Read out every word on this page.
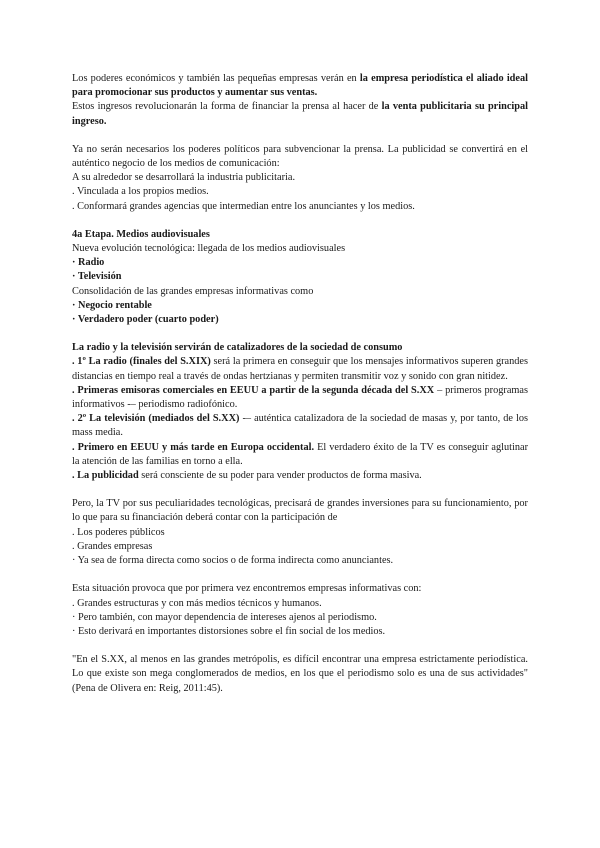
Los poderes económicos y también las pequeñas empresas verán en la empresa periodística el aliado ideal para promocionar sus productos y aumentar sus ventas.

Estos ingresos revolucionarán la forma de financiar la prensa al hacer de la venta publicitaria su principal ingreso.

Ya no serán necesarios los poderes políticos para subvencionar la prensa. La publicidad se convertirá en el auténtico negocio de los medios de comunicación:

A su alrededor se desarrollará la industria publicitaria.

. Vinculada a los propios medios.

. Conformará grandes agencias que intermedian entre los anunciantes y los medios.

4a Etapa. Medios audiovisuales

Nueva evolución tecnológica: llegada de los medios audiovisuales

· Radio

· Televisión

Consolidación de las grandes empresas informativas como

· Negocio rentable

· Verdadero poder (cuarto poder)

La radio y la televisión servirán de catalizadores de la sociedad de consumo

. 1º La radio (finales del S.XIX) será la primera en conseguir que los mensajes informativos superen grandes distancias en tiempo real a través de ondas hertzianas y permiten transmitir voz y sonido con gran nitidez.

. Primeras emisoras comerciales en EEUU a partir de la segunda década del S.XX – primeros programas informativos -– periodismo radiofónico.

. 2º La televisión (mediados del S.XX) -– auténtica catalizadora de la sociedad de masas y, por tanto, de los mass media.

. Primero en EEUU y más tarde en Europa occidental. El verdadero éxito de la TV es conseguir aglutinar la atención de las familias en torno a ella.

. La publicidad será consciente de su poder para vender productos de forma masiva.

Pero, la TV por sus peculiaridades tecnológicas, precisará de grandes inversiones para su funcionamiento, por lo que para su financiación deberá contar con la participación de

. Los poderes públicos

. Grandes empresas

· Ya sea de forma directa como socios o de forma indirecta como anunciantes.

Esta situación provoca que por primera vez encontremos empresas informativas con:

. Grandes estructuras y con más medios técnicos y humanos.

· Pero también, con mayor dependencia de intereses ajenos al periodismo.

· Esto derivará en importantes distorsiones sobre el fin social de los medios.

"En el S.XX, al menos en las grandes metrópolis, es difícil encontrar una empresa estrictamente periodística. Lo que existe son mega conglomerados de medios, en los que el periodismo solo es una de sus actividades" (Pena de Olivera en: Reig, 2011:45).
